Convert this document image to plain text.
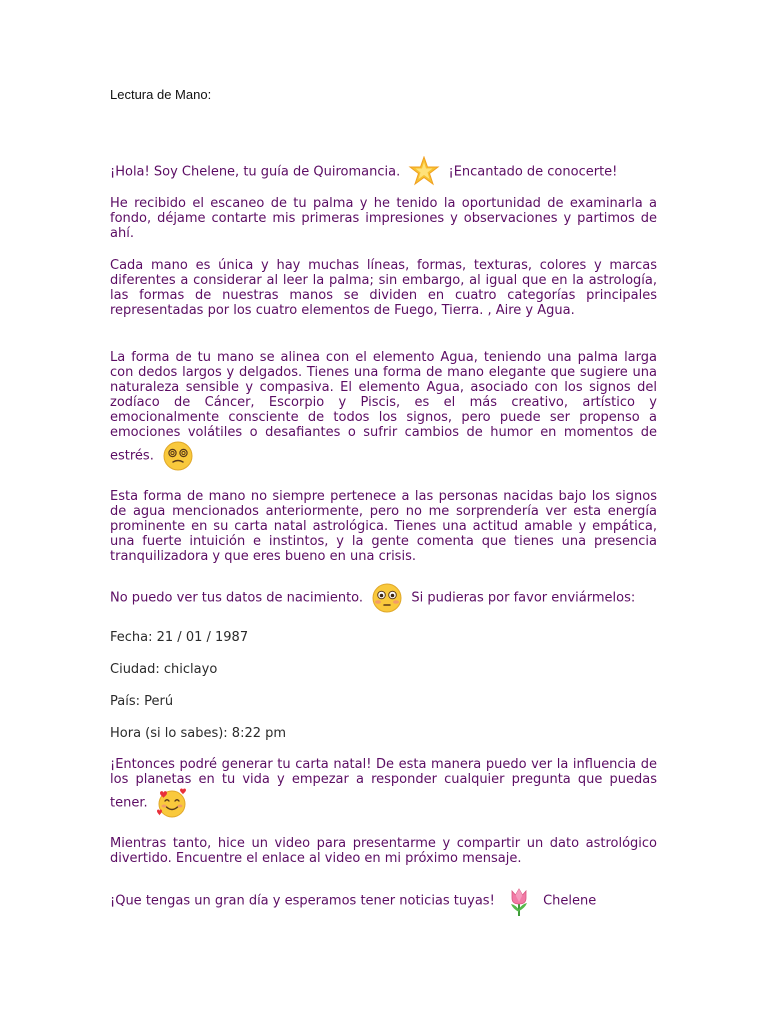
Lectura de Mano:

¡Hola! Soy Chelene, tu guía de Quiromancia.	¡Encantado de conocerte!

He recibido el escaneo de tu palma y he tenido la oportunidad de examinarla a fondo, déjame contarte mis primeras impresiones y observaciones y partimos de ahí.

Cada mano es única y hay muchas líneas, formas, texturas, colores y marcas diferentes a considerar al leer la palma; sin embargo, al igual que en la astrología, las formas de nuestras manos se dividen en cuatro categorías principales representadas por los cuatro elementos de Fuego, Tierra. , Aire y Agua.

La forma de tu mano se alinea con el elemento Agua, teniendo una palma larga con dedos largos y delgados. Tienes una forma de mano elegante que sugiere una naturaleza sensible y compasiva. El elemento Agua, asociado con los signos del zodíaco de Cáncer, Escorpio y Piscis, es el más creativo, artístico y emocionalmente consciente de todos los signos, pero puede ser propenso a emociones volátiles o desafiantes o sufrir cambios de humor en momentos de estrés.

Esta forma de mano no siempre pertenece a las personas nacidas bajo los signos de agua mencionados anteriormente, pero no me sorprendería ver esta energía prominente en su carta natal astrológica. Tienes una actitud amable y empática, una fuerte intuición e instintos, y la gente comenta que tienes una presencia tranquilizadora y que eres bueno en una crisis.

No puedo ver tus datos de nacimiento.	Si pudieras por favor enviármelos:

Fecha: 21 / 01 / 1987

Ciudad: chiclayo

País: Perú

Hora (si lo sabes): 8:22 pm

¡Entonces podré generar tu carta natal! De esta manera puedo ver la influencia de los planetas en tu vida y empezar a responder cualquier pregunta que puedas tener.

Mientras tanto, hice un video para presentarme y compartir un dato astrológico divertido. Encuentre el enlace al video en mi próximo mensaje.

¡Que tengas un gran día y esperamos tener noticias tuyas!	Chelene
